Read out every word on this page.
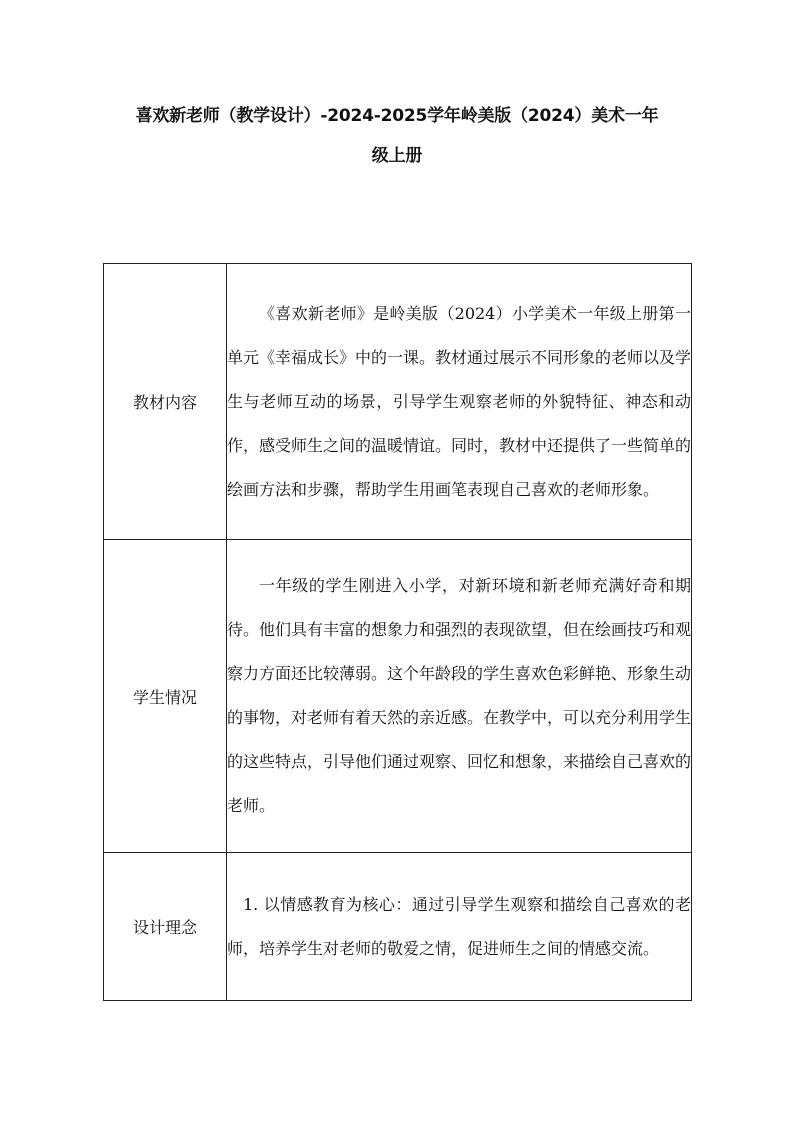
喜欢新老师（教学设计）-2024-2025学年岭美版（2024）美术一年
级上册
教材内容	《喜欢新老师》是岭美版（2024）小学美术一年级上册第一单元《幸福成长》中的一课。教材通过展示不同形象的老师以及学生与老师互动的场景，引导学生观察老师的外貌特征、神态和动作，感受师生之间的温暖情谊。同时，教材中还提供了一些简单的绘画方法和步骤，帮助学生用画笔表现自己喜欢的老师形象。

学生情况	一年级的学生刚进入小学，对新环境和新老师充满好奇和期待。他们具有丰富的想象力和强烈的表现欲望，但在绘画技巧和观察力方面还比较薄弱。这个年龄段的学生喜欢色彩鲜艳、形象生动的事物，对老师有着天然的亲近感。在教学中，可以充分利用学生的这些特点，引导他们通过观察、回忆和想象，来描绘自己喜欢的老师。

设计理念	1. 以情感教育为核心：通过引导学生观察和描绘自己喜欢的老师，培养学生对老师的敬爱之情，促进师生之间的情感交流。
